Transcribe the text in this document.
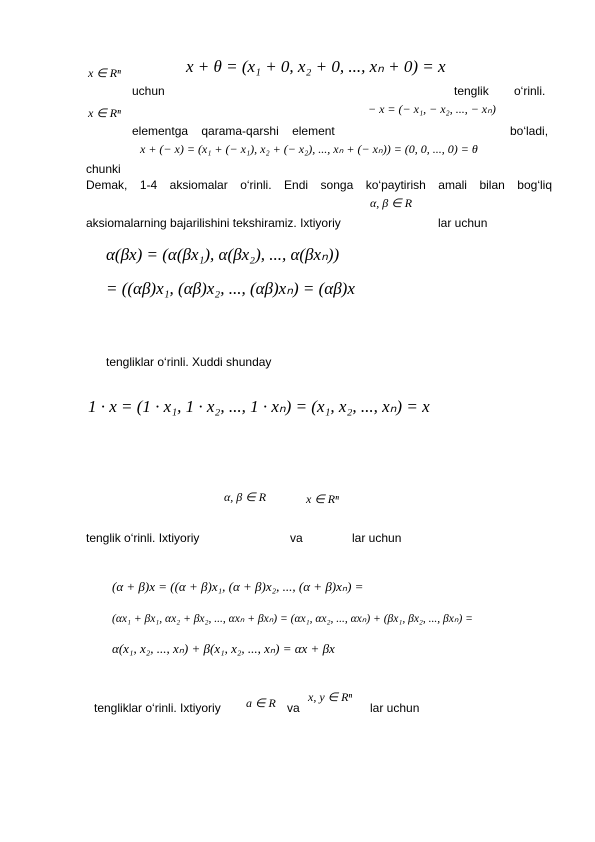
x ∈ Rⁿ	x + θ = (x₁ + 0, x₂ + 0, ..., xₙ + 0) = x
uchun	tenglik o‘rinli.
x ∈ Rⁿ	− x = (− x₁, − x₂, ..., − xₙ)
elementga qarama-qarshi element	bo‘ladi,
x + (− x) = (x₁ + (− x₁), x₂ + (− x₂), ..., xₙ + (− xₙ)) = (0, 0, ..., 0) = θ
chunki
Demak, 1-4 aksiomalar o‘rinli. Endi songa ko‘paytirish amali bilan bog‘liq
α, β ∈ R
aksiomalarning bajarilishini tekshiramiz. Ixtiyoriy	lar uchun
α(βx) = (α(βx₁), α(βx₂), ..., α(βxₙ))
= ((αβ)x₁, (αβ)x₂, ..., (αβ)xₙ) = (αβ)x
tengliklar o‘rinli. Xuddi shunday
1 · x = (1 · x₁, 1 · x₂, ..., 1 · xₙ) = (x₁, x₂, ..., xₙ) = x
α, β ∈ R	x ∈ Rⁿ
tenglik o‘rinli. Ixtiyoriy	va	lar uchun
(α + β)x = ((α + β)x₁, (α + β)x₂, ..., (α + β)xₙ) =
(αx₁ + βx₁, αx₂ + βx₂, ..., αxₙ + βxₙ) = (αx₁, αx₂, ..., αxₙ) + (βx₁, βx₂, ..., βxₙ) =
α(x₁, x₂, ..., xₙ) + β(x₁, x₂, ..., xₙ) = αx + βx
tengliklar o‘rinli. Ixtiyoriy a ∈ R va
x, y ∈ Rⁿ
lar uchun
